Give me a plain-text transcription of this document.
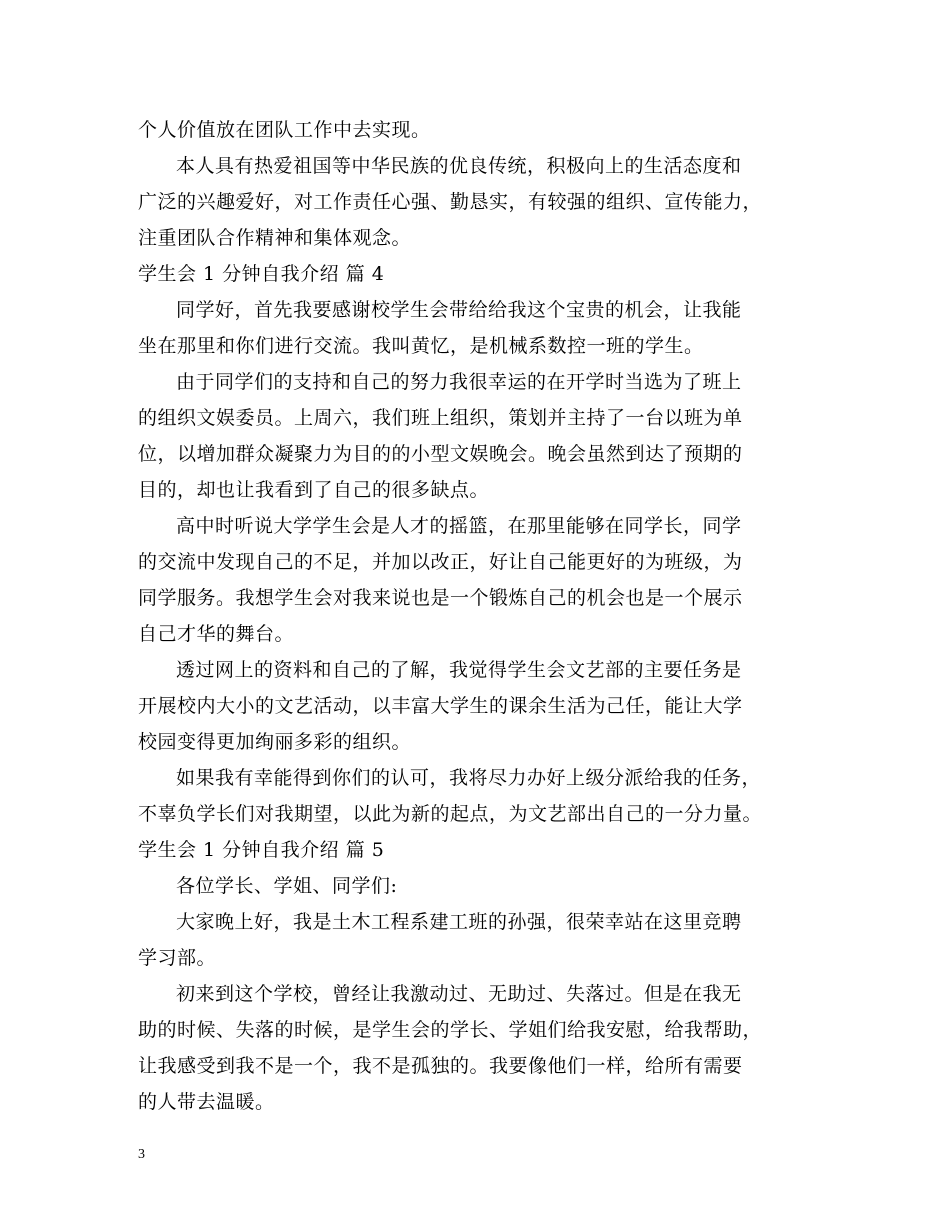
个人价值放在团队工作中去实现。
本人具有热爱祖国等中华民族的优良传统，积极向上的生活态度和
广泛的兴趣爱好，对工作责任心强、勤恳实，有较强的组织、宣传能力，
注重团队合作精神和集体观念。
学生会 1 分钟自我介绍 篇 4
同学好，首先我要感谢校学生会带给给我这个宝贵的机会，让我能
坐在那里和你们进行交流。我叫黄忆，是机械系数控一班的学生。
由于同学们的支持和自己的努力我很幸运的在开学时当选为了班上
的组织文娱委员。上周六，我们班上组织，策划并主持了一台以班为单
位，以增加群众凝聚力为目的的小型文娱晚会。晚会虽然到达了预期的
目的，却也让我看到了自己的很多缺点。
高中时听说大学学生会是人才的摇篮，在那里能够在同学长，同学
的交流中发现自己的不足，并加以改正，好让自己能更好的为班级，为
同学服务。我想学生会对我来说也是一个锻炼自己的机会也是一个展示
自己才华的舞台。
透过网上的资料和自己的了解，我觉得学生会文艺部的主要任务是
开展校内大小的文艺活动，以丰富大学生的课余生活为己任，能让大学
校园变得更加绚丽多彩的组织。
如果我有幸能得到你们的认可，我将尽力办好上级分派给我的任务，
不辜负学长们对我期望，以此为新的起点，为文艺部出自己的一分力量。
学生会 1 分钟自我介绍 篇 5
各位学长、学姐、同学们:
大家晚上好，我是土木工程系建工班的孙强，很荣幸站在这里竞聘
学习部。
初来到这个学校，曾经让我激动过、无助过、失落过。但是在我无
助的时候、失落的时候，是学生会的学长、学姐们给我安慰，给我帮助，
让我感受到我不是一个，我不是孤独的。我要像他们一样，给所有需要
的人带去温暖。
3
